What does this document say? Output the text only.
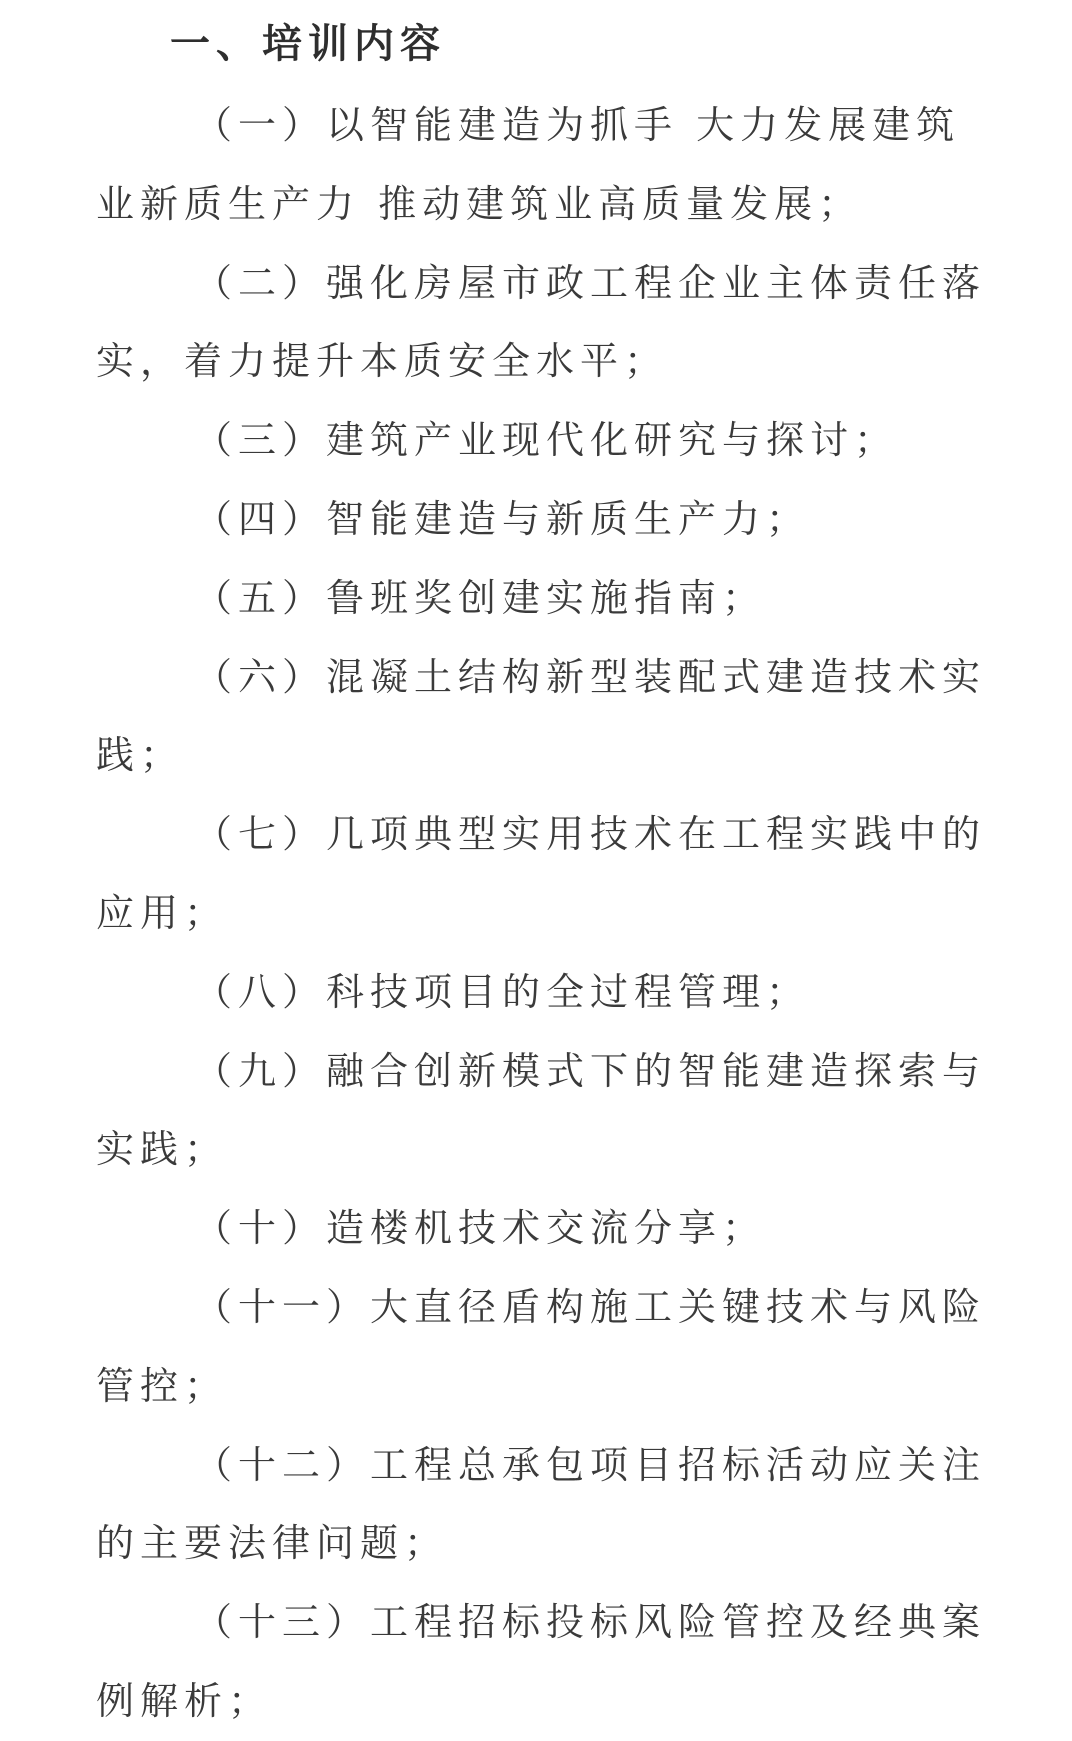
一、培训内容
（一）以智能建造为抓手 大力发展建筑业新质生产力 推动建筑业高质量发展；
（二）强化房屋市政工程企业主体责任落实，着力提升本质安全水平；
（三）建筑产业现代化研究与探讨；
（四）智能建造与新质生产力；
（五）鲁班奖创建实施指南；
（六）混凝土结构新型装配式建造技术实践；
（七）几项典型实用技术在工程实践中的应用；
（八）科技项目的全过程管理；
（九）融合创新模式下的智能建造探索与实践；
（十）造楼机技术交流分享；
（十一）大直径盾构施工关键技术与风险管控；
（十二）工程总承包项目招标活动应关注的主要法律问题；
（十三）工程招标投标风险管控及经典案例解析；
